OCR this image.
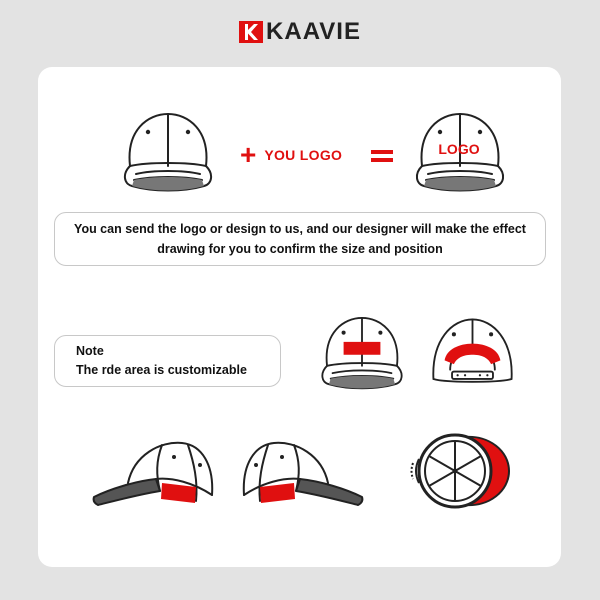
KAAVIE
+ YOU LOGO	LOGO
You can send the logo or design to us, and our designer will make the effect
drawing for you to confirm the size and position
Note
The rde area is customizable
